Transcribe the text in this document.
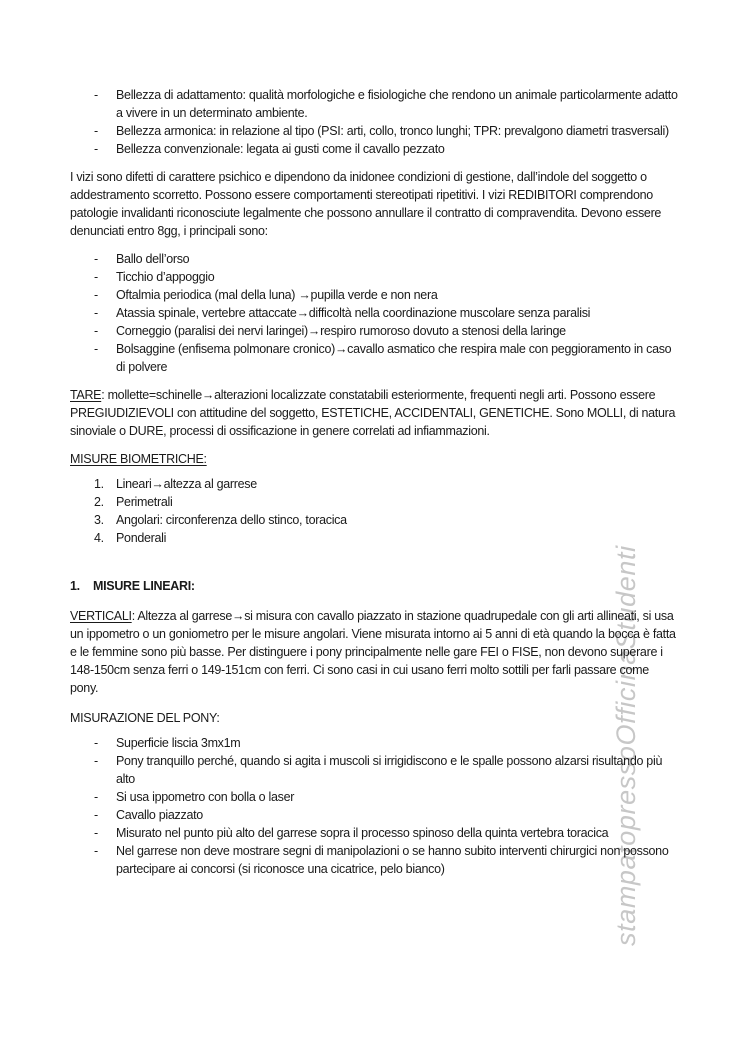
stampatopressoOfficinaStudenti
-	Bellezza di adattamento: qualità morfologiche e fisiologiche che rendono un animale particolarmente adatto a vivere in un determinato ambiente.
-	Bellezza armonica: in relazione al tipo (PSI: arti, collo, tronco lunghi; TPR: prevalgono diametri trasversali)
-	Bellezza convenzionale: legata ai gusti come il cavallo pezzato

I vizi sono difetti di carattere psichico e dipendono da inidonee condizioni di gestione, dall’indole del soggetto o addestramento scorretto. Possono essere comportamenti stereotipati ripetitivi. I vizi REDIBITORI comprendono patologie invalidanti riconosciute legalmente che possono annullare il contratto di compravendita. Devono essere denunciati entro 8gg, i principali sono:

-	Ballo dell’orso
-	Ticchio d’appoggio
-	Oftalmia periodica (mal della luna) →pupilla verde e non nera
-	Atassia spinale, vertebre attaccate→difficoltà nella coordinazione muscolare senza paralisi
-	Corneggio (paralisi dei nervi laringei)→respiro rumoroso dovuto a stenosi della laringe
-	Bolsaggine (enfisema polmonare cronico)→cavallo asmatico che respira male con peggioramento in caso di polvere

TARE: mollette=schinelle→alterazioni localizzate constatabili esteriormente, frequenti negli arti. Possono essere PREGIUDIZIEVOLI con attitudine del soggetto, ESTETICHE, ACCIDENTALI, GENETICHE. Sono MOLLI, di natura sinoviale o DURE, processi di ossificazione in genere correlati ad infiammazioni.

MISURE BIOMETRICHE:

1. Lineari→altezza al garrese
2. Perimetrali
3. Angolari: circonferenza dello stinco, toracica
4. Ponderali
1.	MISURE LINEARI:

VERTICALI: Altezza al garrese→si misura con cavallo piazzato in stazione quadrupedale con gli arti allineati, si usa un ippometro o un goniometro per le misure angolari. Viene misurata intorno ai 5 anni di età quando la bocca è fatta e le femmine sono più basse. Per distinguere i pony principalmente nelle gare FEI o FISE, non devono superare i 148-150cm senza ferri o 149-151cm con ferri. Ci sono casi in cui usano ferri molto sottili per farli passare come pony.

MISURAZIONE DEL PONY:

-	Superficie liscia 3mx1m
-	Pony tranquillo perché, quando si agita i muscoli si irrigidiscono e le spalle possono alzarsi risultando più alto
-	Si usa ippometro con bolla o laser
-	Cavallo piazzato
-	Misurato nel punto più alto del garrese sopra il processo spinoso della quinta vertebra toracica
-	Nel garrese non deve mostrare segni di manipolazioni o se hanno subito interventi chirurgici non possono partecipare ai concorsi (si riconosce una cicatrice, pelo bianco)
